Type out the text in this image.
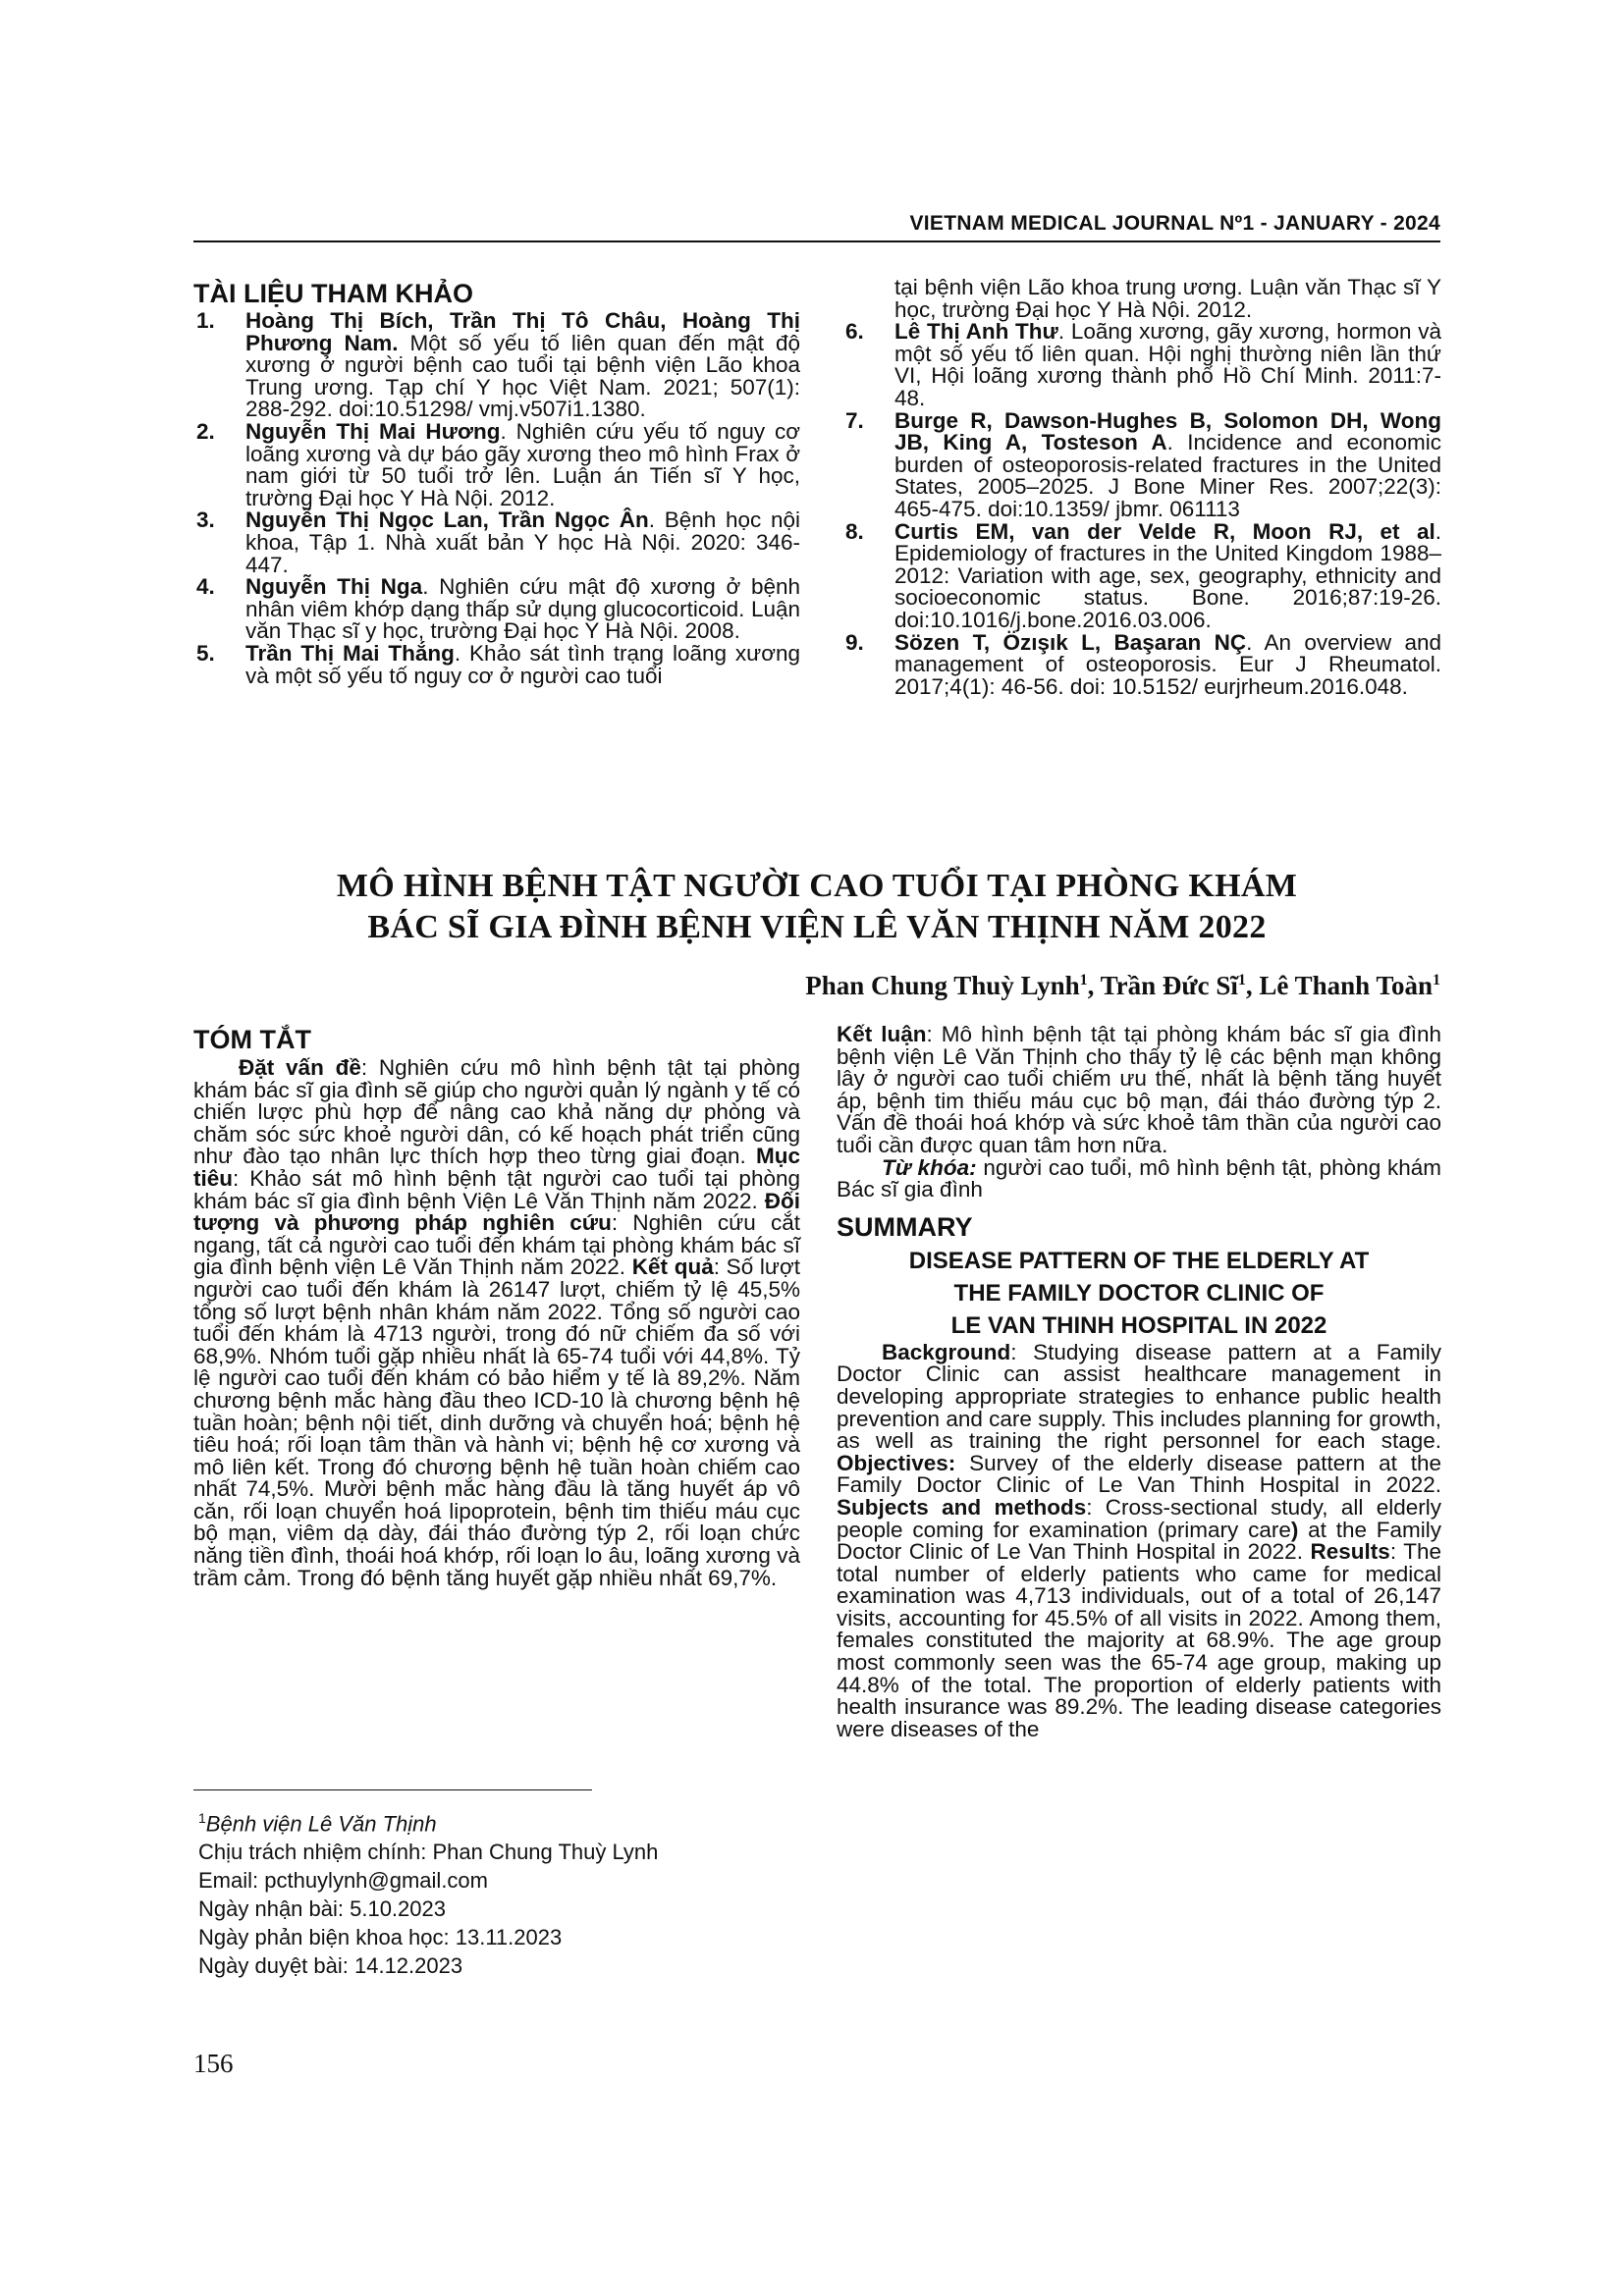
VIETNAM MEDICAL JOURNAL Nº1 - JANUARY - 2024
TÀI LIỆU THAM KHẢO

1. Hoàng Thị Bích, Trần Thị Tô Châu, Hoàng Thị Phương Nam. Một số yếu tố liên quan đến mật độ xương ở người bệnh cao tuổi tại bệnh viện Lão khoa Trung ương. Tạp chí Y học Việt Nam. 2021; 507(1): 288-292. doi:10.51298/ vmj.v507i1.1380.

2. Nguyễn Thị Mai Hương. Nghiên cứu yếu tố nguy cơ loãng xương và dự báo gãy xương theo mô hình Frax ở nam giới từ 50 tuổi trở lên. Luận án Tiến sĩ Y học, trường Đại học Y Hà Nội. 2012.

3. Nguyễn Thị Ngọc Lan, Trần Ngọc Ân. Bệnh học nội khoa, Tập 1. Nhà xuất bản Y học Hà Nội. 2020: 346-447.

4. Nguyễn Thị Nga. Nghiên cứu mật độ xương ở bệnh nhân viêm khớp dạng thấp sử dụng glucocorticoid. Luận văn Thạc sĩ y học, trường Đại học Y Hà Nội. 2008.

5. Trần Thị Mai Thắng. Khảo sát tình trạng loãng xương và một số yếu tố nguy cơ ở người cao tuổi

tại bệnh viện Lão khoa trung ương. Luận văn Thạc sĩ Y học, trường Đại học Y Hà Nội. 2012.

6. Lê Thị Anh Thư. Loãng xương, gãy xương, hormon và một số yếu tố liên quan. Hội nghị thường niên lần thứ VI, Hội loãng xương thành phố Hồ Chí Minh. 2011:7-48.

7. Burge R, Dawson-Hughes B, Solomon DH, Wong JB, King A, Tosteson A. Incidence and economic burden of osteoporosis-related fractures in the United States, 2005–2025. J Bone Miner Res. 2007;22(3): 465-475. doi:10.1359/ jbmr. 061113

8. Curtis EM, van der Velde R, Moon RJ, et al. Epidemiology of fractures in the United Kingdom 1988–2012: Variation with age, sex, geography, ethnicity and socioeconomic status. Bone. 2016;87:19-26. doi:10.1016/j.bone.2016.03.006.

9. Sözen T, Özışık L, Başaran NÇ. An overview and management of osteoporosis. Eur J Rheumatol. 2017;4(1): 46-56. doi: 10.5152/ eurjrheum.2016.048.

MÔ HÌNH BỆNH TẬT NGƯỜI CAO TUỔI TẠI PHÒNG KHÁM
BÁC SĨ GIA ĐÌNH BỆNH VIỆN LÊ VĂN THỊNH NĂM 2022
Phan Chung Thuỳ Lynh$^1$, Trần Đức $Sĩ^1$, Lê Thanh Toàn$^1$
TÓM TẮT

Đặt vấn đề: Nghiên cứu mô hình bệnh tật tại phòng khám bác sĩ gia đình sẽ giúp cho người quản lý ngành y tế có chiến lược phù hợp để nâng cao khả năng dự phòng và chăm sóc sức khoẻ người dân, có kế hoạch phát triển cũng như đào tạo nhân lực thích hợp theo từng giai đoạn. Mục tiêu: Khảo sát mô hình bệnh tật người cao tuổi tại phòng khám bác sĩ gia đình bệnh Viện Lê Văn Thịnh năm 2022. Đối tượng và phương pháp nghiên cứu: Nghiên cứu cắt ngang, tất cả người cao tuổi đến khám tại phòng khám bác sĩ gia đình bệnh viện Lê Văn Thịnh năm 2022. Kết quả: Số lượt người cao tuổi đến khám là 26147 lượt, chiếm tỷ lệ 45,5% tổng số lượt bệnh nhân khám năm 2022. Tổng số người cao tuổi đến khám là 4713 người, trong đó nữ chiếm đa số với 68,9%. Nhóm tuổi gặp nhiều nhất là 65-74 tuổi với 44,8%. Tỷ lệ người cao tuổi đến khám có bảo hiểm y tế là 89,2%. Năm chương bệnh mắc hàng đầu theo ICD-10 là chương bệnh hệ tuần hoàn; bệnh nội tiết, dinh dưỡng và chuyển hoá; bệnh hệ tiêu hoá; rối loạn tâm thần và hành vi; bệnh hệ cơ xương và mô liên kết. Trong đó chương bệnh hệ tuần hoàn chiếm cao nhất 74,5%. Mười bệnh mắc hàng đầu là tăng huyết áp vô căn, rối loạn chuyển hoá lipoprotein, bệnh tim thiếu máu cục bộ mạn, viêm dạ dày, đái tháo đường týp 2, rối loạn chức năng tiền đình, thoái hoá khớp, rối loạn lo âu, loãng xương và trầm cảm. Trong đó bệnh tăng huyết gặp nhiều nhất 69,7%.

Kết luận: Mô hình bệnh tật tại phòng khám bác sĩ gia đình bệnh viện Lê Văn Thịnh cho thấy tỷ lệ các bệnh mạn không lây ở người cao tuổi chiếm ưu thế, nhất là bệnh tăng huyết áp, bệnh tim thiếu máu cục bộ mạn, đái tháo đường týp 2. Vấn đề thoái hoá khớp và sức khoẻ tâm thần của người cao tuổi cần được quan tâm hơn nữa.

Từ khóa: người cao tuổi, mô hình bệnh tật, phòng khám Bác sĩ gia đình

SUMMARY
DISEASE PATTERN OF THE ELDERLY AT
THE FAMILY DOCTOR CLINIC OF
LE VAN THINH HOSPITAL IN 2022

Background: Studying disease pattern at a Family Doctor Clinic can assist healthcare management in developing appropriate strategies to enhance public health prevention and care supply. This includes planning for growth, as well as training the right personnel for each stage. Objectives: Survey of the elderly disease pattern at the Family Doctor Clinic of Le Van Thinh Hospital in 2022. Subjects and methods: Cross-sectional study, all elderly people coming for examination (primary care) at the Family Doctor Clinic of Le Van Thinh Hospital in 2022. Results: The total number of elderly patients who came for medical examination was 4,713 individuals, out of a total of 26,147 visits, accounting for 45.5% of all visits in 2022. Among them, females constituted the majority at 68.9%. The age group most commonly seen was the 65-74 age group, making up 44.8% of the total. The proportion of elderly patients with health insurance was 89.2%. The leading disease categories were diseases of the

$^1$Bệnh viện Lê Văn Thịnh
Chịu trách nhiệm chính: Phan Chung Thuỳ Lynh
Email: pcthuylynh@gmail.com
Ngày nhận bài: 5.10.2023
Ngày phản biện khoa học: 13.11.2023
Ngày duyệt bài: 14.12.2023
156
